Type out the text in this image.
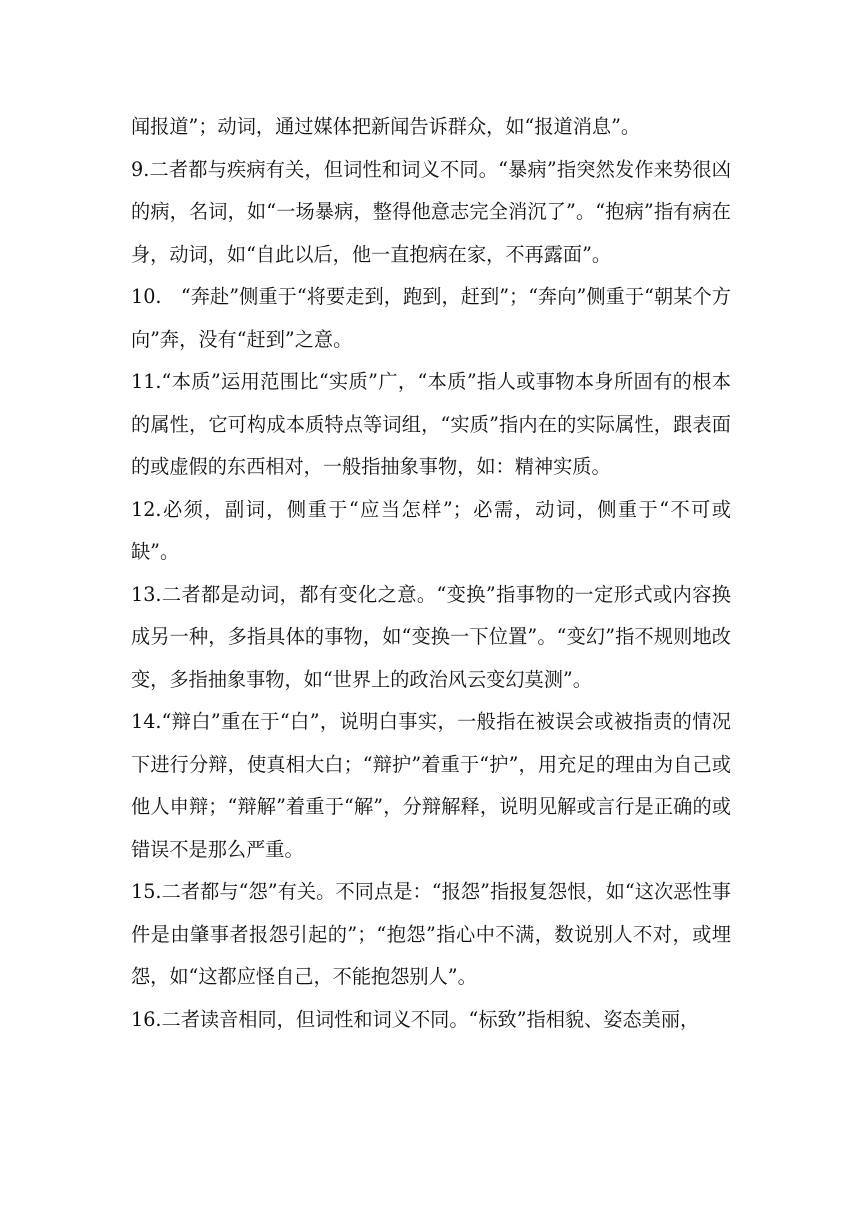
闻报道”；动词，通过媒体把新闻告诉群众，如“报道消息”。

9.二者都与疾病有关，但词性和词义不同。“暴病”指突然发作来势很凶的病，名词，如“一场暴病，整得他意志完全消沉了”。“抱病”指有病在身，动词，如“自此以后，他一直抱病在家，不再露面”。

10.　“奔赴”侧重于“将要走到，跑到，赶到”；“奔向”侧重于“朝某个方向”奔，没有“赶到”之意。

11.“本质”运用范围比“实质”广，“本质”指人或事物本身所固有的根本的属性，它可构成本质特点等词组，“实质”指内在的实际属性，跟表面的或虚假的东西相对，一般指抽象事物，如：精神实质。

12.必须，副词，侧重于“应当怎样”；必需，动词，侧重于“不可或缺”。

13.二者都是动词，都有变化之意。“变换”指事物的一定形式或内容换成另一种，多指具体的事物，如“变换一下位置”。“变幻”指不规则地改变，多指抽象事物，如“世界上的政治风云变幻莫测”。

14.“辩白”重在于“白”，说明白事实，一般指在被误会或被指责的情况下进行分辩，使真相大白；“辩护”着重于“护”，用充足的理由为自己或他人申辩；“辩解”着重于“解”，分辩解释，说明见解或言行是正确的或错误不是那么严重。

15.二者都与“怨”有关。不同点是：“报怨”指报复怨恨，如“这次恶性事件是由肇事者报怨引起的”；“抱怨”指心中不满，数说别人不对，或埋怨，如“这都应怪自己，不能抱怨别人”。

16.二者读音相同，但词性和词义不同。“标致”指相貌、姿态美丽，
